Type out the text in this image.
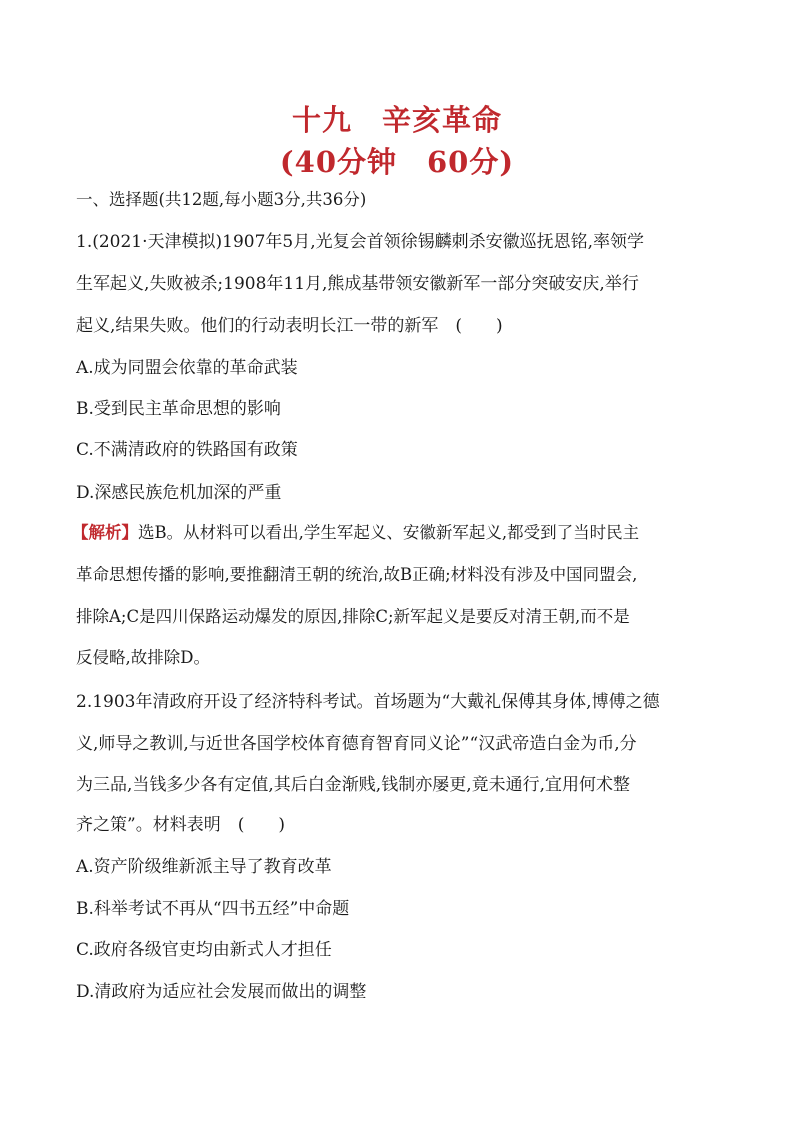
十九　辛亥革命
(40分钟　60分)
一、选择题(共12题,每小题3分,共36分)
1.(2021·天津模拟)1907年5月,光复会首领徐锡麟刺杀安徽巡抚恩铭,率领学
生军起义,失败被杀;1908年11月,熊成基带领安徽新军一部分突破安庆,举行
起义,结果失败。他们的行动表明长江一带的新军　(　　)
A.成为同盟会依靠的革命武装
B.受到民主革命思想的影响
C.不满清政府的铁路国有政策
D.深感民族危机加深的严重
【解析】选B。从材料可以看出,学生军起义、安徽新军起义,都受到了当时民主
革命思想传播的影响,要推翻清王朝的统治,故B正确;材料没有涉及中国同盟会,
排除A;C是四川保路运动爆发的原因,排除C;新军起义是要反对清王朝,而不是
反侵略,故排除D。
2.1903年清政府开设了经济特科考试。首场题为“大戴礼保傅其身体,博傅之德
义,师导之教训,与近世各国学校体育德育智育同义论”“汉武帝造白金为币,分
为三品,当钱多少各有定值,其后白金渐贱,钱制亦屡更,竟未通行,宜用何术整
齐之策”。材料表明　(　　)
A.资产阶级维新派主导了教育改革
B.科举考试不再从“四书五经”中命题
C.政府各级官吏均由新式人才担任
D.清政府为适应社会发展而做出的调整
